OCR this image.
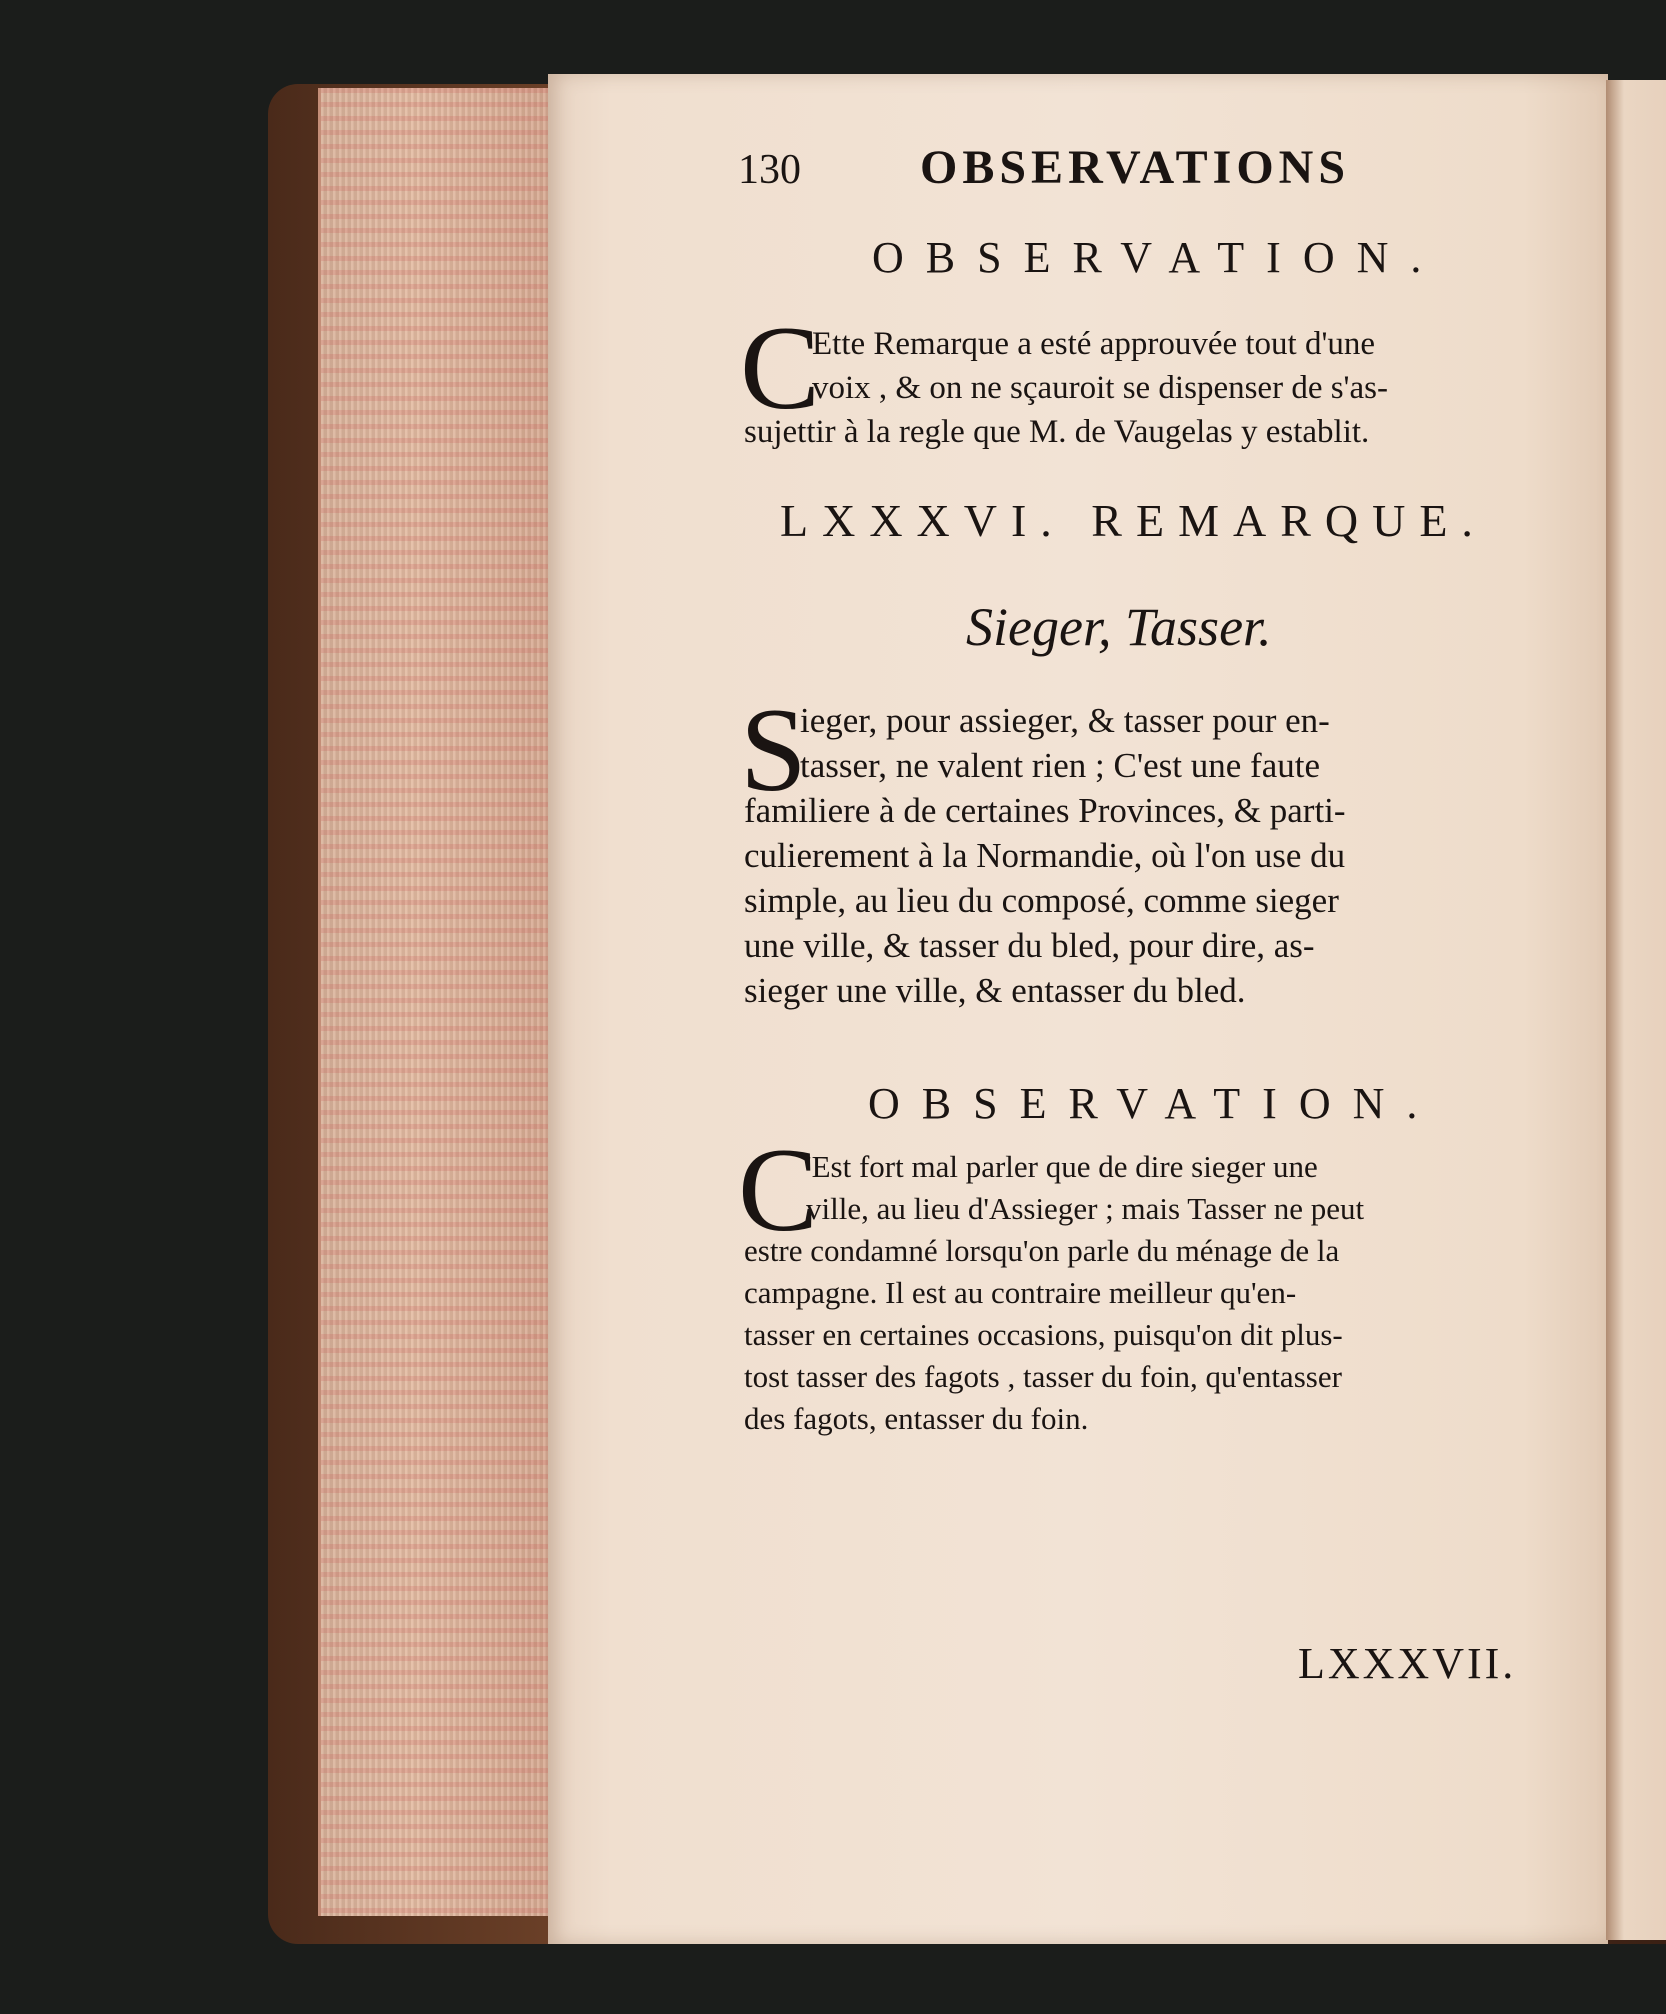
130 OBSERVATIONS
OBSERVATION.
C
Ette Remarque a esté approuvée tout d'une
voix , & on ne sçauroit se dispenser de s'as-
sujettir à la regle que M. de Vaugelas y establit.
LXXXVI. REMARQUE.
Sieger, Tasser.
S
ieger, pour assieger, & tasser pour en-
tasser, ne valent rien ; C'est une faute
familiere à de certaines Provinces, & parti-
culierement à la Normandie, où l'on use du
simple, au lieu du composé, comme sieger
une ville, & tasser du bled, pour dire, as-
sieger une ville, & entasser du bled.
OBSERVATION.
C
'Est fort mal parler que de dire sieger une
ville, au lieu d'Assieger ; mais Tasser ne peut
estre condamné lorsqu'on parle du ménage de la
campagne. Il est au contraire meilleur qu'en-
tasser en certaines occasions, puisqu'on dit plus-
tost tasser des fagots , tasser du foin, qu'entasser
des fagots, entasser du foin.
LXXXVII.
